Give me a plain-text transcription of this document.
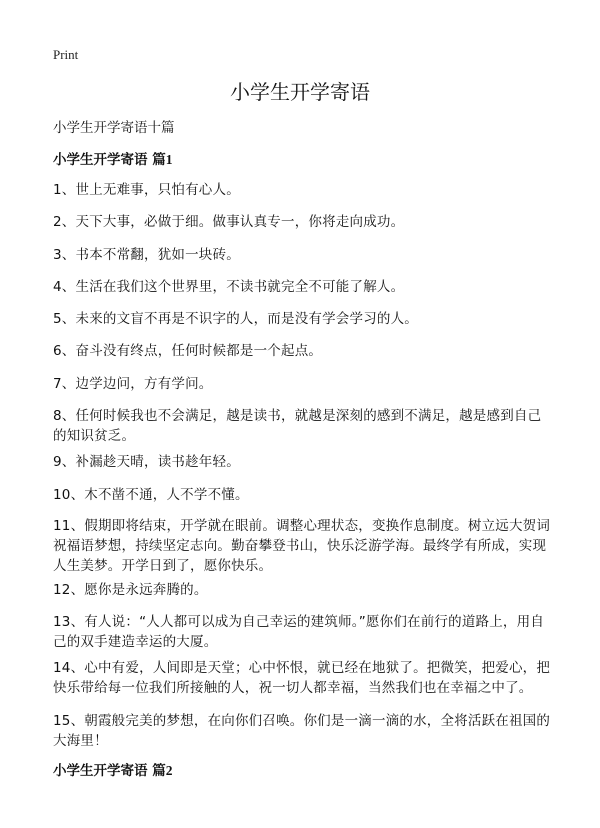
Print
小学生开学寄语
小学生开学寄语十篇
小学生开学寄语 篇1

1、世上无难事，只怕有心人。

2、天下大事，必做于细。做事认真专一，你将走向成功。

3、书本不常翻，犹如一块砖。

4、生活在我们这个世界里，不读书就完全不可能了解人。

5、未来的文盲不再是不识字的人，而是没有学会学习的人。

6、奋斗没有终点，任何时候都是一个起点。

7、边学边问，方有学问。

8、任何时候我也不会满足，越是读书，就越是深刻的感到不满足，越是感到自己的知识贫乏。

9、补漏趁天晴，读书趁年轻。

10、木不凿不通，人不学不懂。

11、假期即将结束，开学就在眼前。调整心理状态，变换作息制度。树立远大贺词祝福语梦想，持续坚定志向。勤奋攀登书山，快乐泛游学海。最终学有所成，实现人生美梦。开学日到了，愿你快乐。

12、愿你是永远奔腾的。

13、有人说：“人人都可以成为自己幸运的建筑师。”愿你们在前行的道路上，用自己的双手建造幸运的大厦。

14、心中有爱，人间即是天堂；心中怀恨，就已经在地狱了。把微笑，把爱心，把快乐带给每一位我们所接触的人，祝一切人都幸福，当然我们也在幸福之中了。

15、朝霞般完美的梦想，在向你们召唤。你们是一滴一滴的水，全将活跃在祖国的大海里！

小学生开学寄语 篇2
